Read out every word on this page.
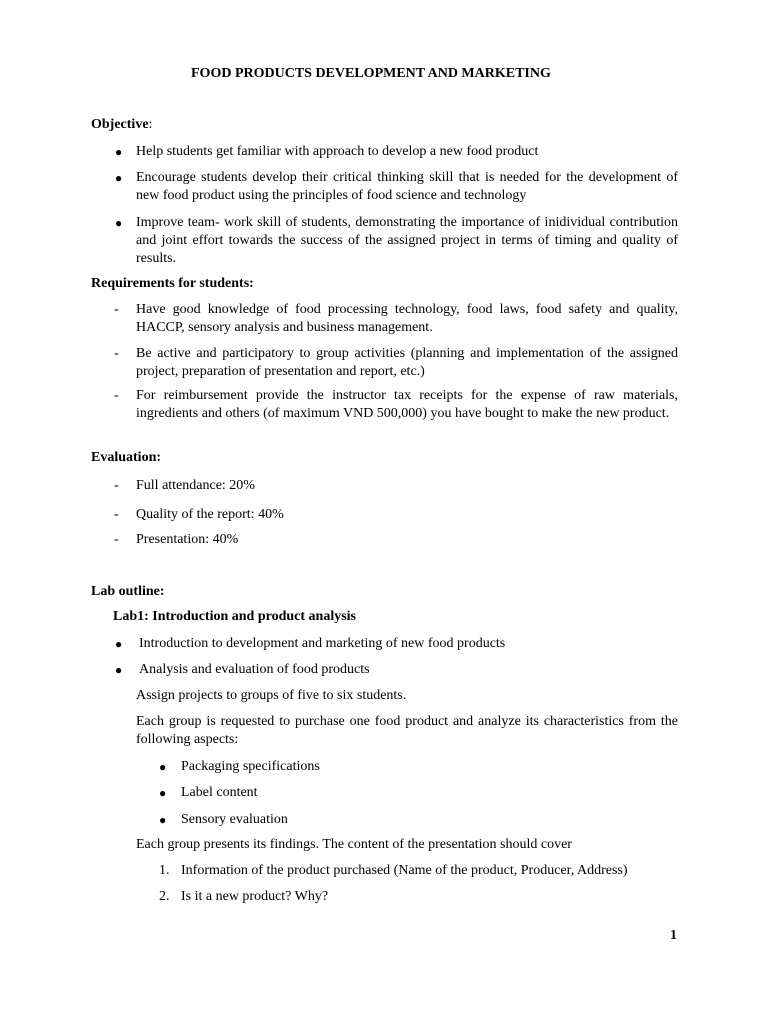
FOOD PRODUCTS DEVELOPMENT AND MARKETING
Objective:
● Help students get familiar with approach to develop a new food product
● Encourage students develop their critical thinking skill that is needed for the development of new food product using the principles of food science and technology
● Improve team- work skill of students, demonstrating the importance of inidividual contribution and joint effort towards the success of the assigned project in terms of timing and quality of results.
Requirements for students:
- Have good knowledge of food processing technology, food laws, food safety and quality, HACCP, sensory analysis and business management.
- Be active and participatory to group activities (planning and implementation of the assigned project, preparation of presentation and report, etc.)
- For reimbursement provide the instructor tax receipts for the expense of raw materials, ingredients and others (of maximum VND 500,000) you have bought to make the new product.
Evaluation:
- Full attendance: 20%
- Quality of the report: 40%
- Presentation: 40%
Lab outline:
Lab1: Introduction and product analysis
● Introduction to development and marketing of new food products
● Analysis and evaluation of food products
Assign projects to groups of five to six students.
Each group is requested to purchase one food product and analyze its characteristics from the following aspects:
● Packaging specifications
● Label content
● Sensory evaluation
Each group presents its findings. The content of the presentation should cover
1. Information of the product purchased (Name of the product, Producer, Address)
2. Is it a new product? Why?
1
